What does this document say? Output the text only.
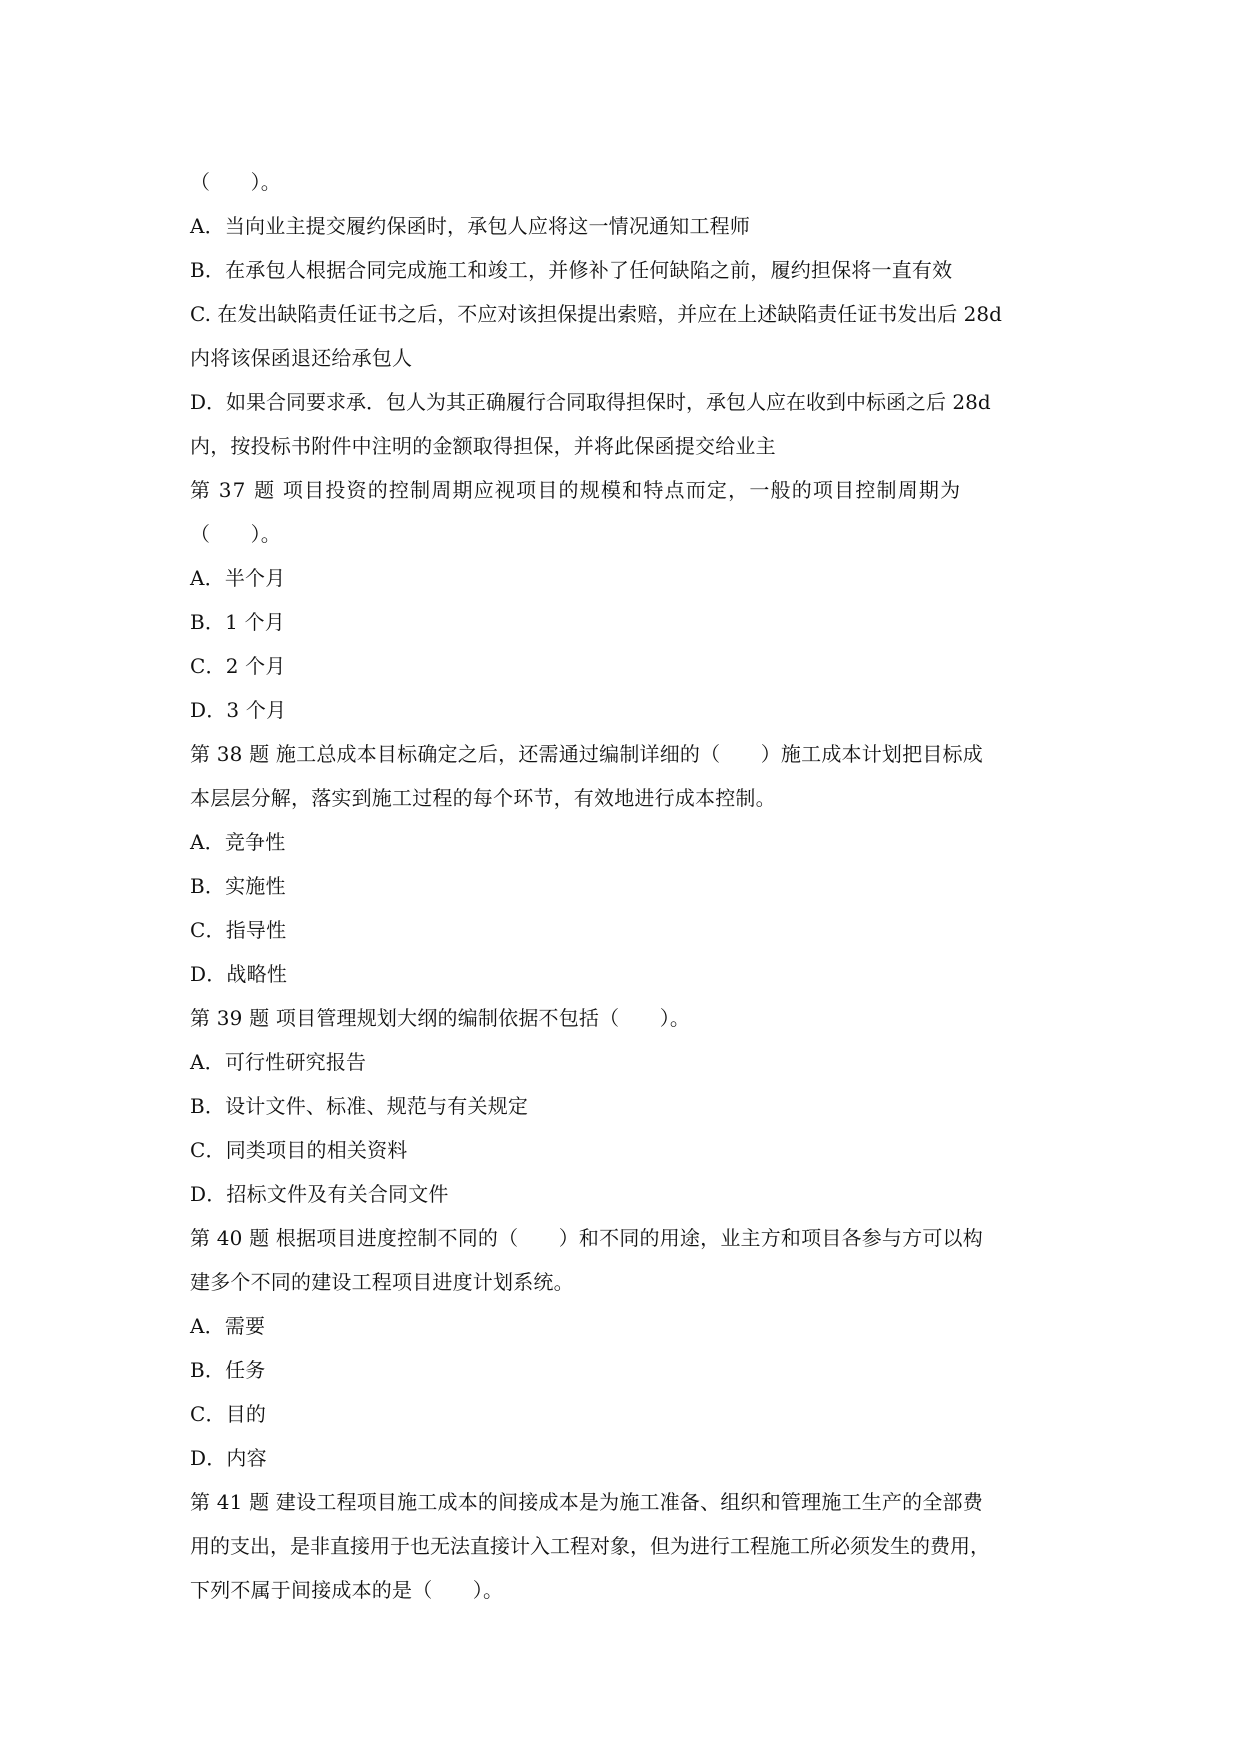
（　　）。
A．当向业主提交履约保函时，承包人应将这一情况通知工程师
B．在承包人根据合同完成施工和竣工，并修补了任何缺陷之前，履约担保将一直有效
C. 在发出缺陷责任证书之后，不应对该担保提出索赔，并应在上述缺陷责任证书发出后 28d
内将该保函退还给承包人
D．如果合同要求承．包人为其正确履行合同取得担保时，承包人应在收到中标函之后 28d
内，按投标书附件中注明的金额取得担保，并将此保函提交给业主
第 37 题 项目投资的控制周期应视项目的规模和特点而定，一般的项目控制周期为
（　　）。
A．半个月
B．1 个月
C．2 个月
D．3 个月
第 38 题 施工总成本目标确定之后，还需通过编制详细的（　　）施工成本计划把目标成
本层层分解，落实到施工过程的每个环节，有效地进行成本控制。
A．竞争性
B．实施性
C．指导性
D．战略性
第 39 题 项目管理规划大纲的编制依据不包括（　　）。
A．可行性研究报告
B．设计文件、标准、规范与有关规定
C．同类项目的相关资料
D．招标文件及有关合同文件
第 40 题 根据项目进度控制不同的（　　）和不同的用途，业主方和项目各参与方可以构
建多个不同的建设工程项目进度计划系统。
A．需要
B．任务
C．目的
D．内容
第 41 题 建设工程项目施工成本的间接成本是为施工准备、组织和管理施工生产的全部费
用的支出，是非直接用于也无法直接计入工程对象，但为进行工程施工所必须发生的费用，
下列不属于间接成本的是（　　）。
